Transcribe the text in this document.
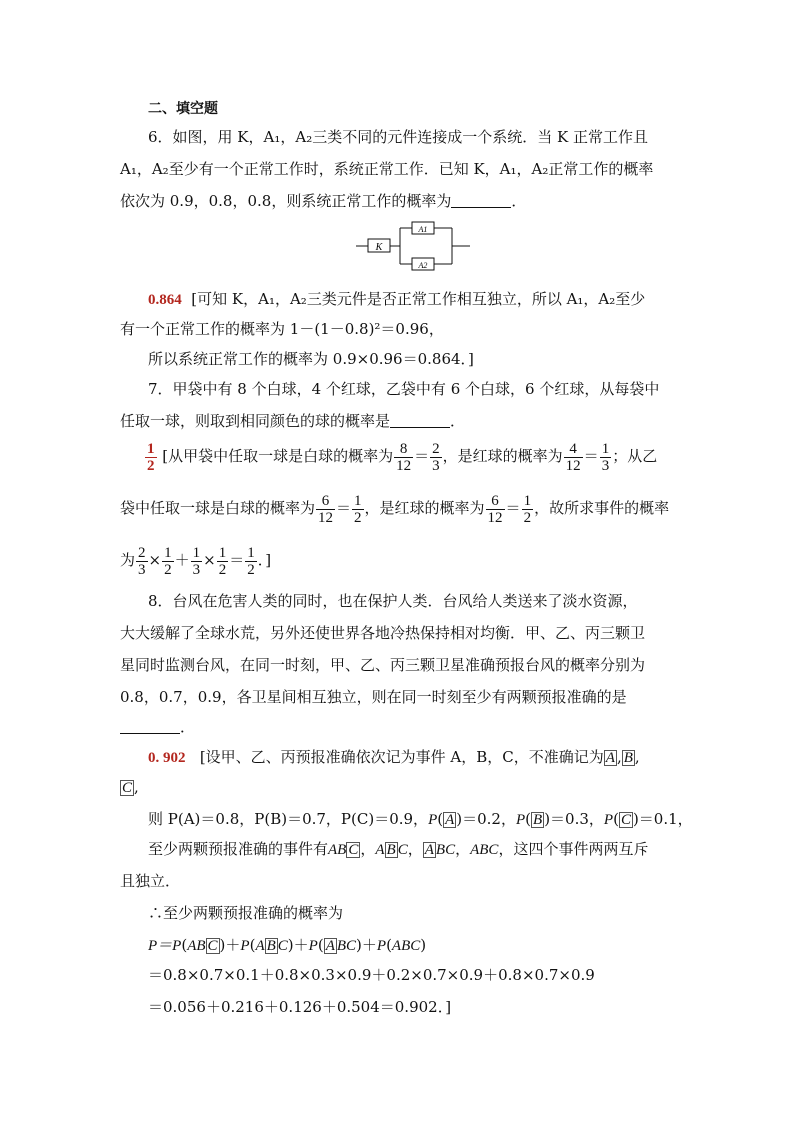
二、填空题
6．如图，用 K，A₁，A₂三类不同的元件连接成一个系统．当 K 正常工作且
A₁，A₂至少有一个正常工作时，系统正常工作．已知 K，A₁，A₂正常工作的概率
依次为 0.9，0.8，0.8，则系统正常工作的概率为	．
K
A1
A2
0.864 [可知 K，A₁，A₂三类元件是否正常工作相互独立，所以 A₁，A₂至少
有一个正常工作的概率为 1－(1－0.8)²＝0.96，
所以系统正常工作的概率为 0.9×0.96＝0.864．]
7．甲袋中有 8 个白球，4 个红球，乙袋中有 6 个白球，6 个红球，从每袋中
任取一球，则取到相同颜色的球的概率是	．
$\frac{1}{2}$ [从甲袋中任取一球是白球的概率为 $\frac{8}{12} = \frac{2}{3}$ ，是红球的概率为 $\frac{4}{12} = \frac{1}{3}$ ；从乙
袋中任取一球是白球的概率为 $\frac{6}{12} = \frac{1}{2}$ ，是红球的概率为 $\frac{6}{12} = \frac{1}{2}$ ，故所求事件的概率
为 $\frac{2}{3} \times \frac{1}{2} + \frac{1}{3} \times \frac{1}{2} = \frac{1}{2}$ ．]
8．台风在危害人类的同时，也在保护人类．台风给人类送来了淡水资源，
大大缓解了全球水荒，另外还使世界各地冷热保持相对均衡．甲、乙、丙三颗卫
星同时监测台风，在同一时刻，甲、乙、丙三颗卫星准确预报台风的概率分别为
0.8，0.7，0.9，各卫星间相互独立，则在同一时刻至少有两颗预报准确的是
．
0. 902 [设甲、乙、丙预报准确依次记为事件 A，B，C，不准确记为 A , B ,
C ,
则 P(A)＝0.8，P(B)＝0.7，P(C)＝0.9，P( A )＝0.2，P( B )＝0.3，P( C )＝0.1，
至少两颗预报准确的事件有AB C ，A B C， A BC，ABC，这四个事件两两互斥
且独立．
∴至少两颗预报准确的概率为
P＝P(AB C )＋P(A B C)＋P( A BC)＋P(ABC)
＝0.8×0.7×0.1＋0.8×0.3×0.9＋0.2×0.7×0.9＋0.8×0.7×0.9
＝0.056＋0.216＋0.126＋0.504＝0.902．]
